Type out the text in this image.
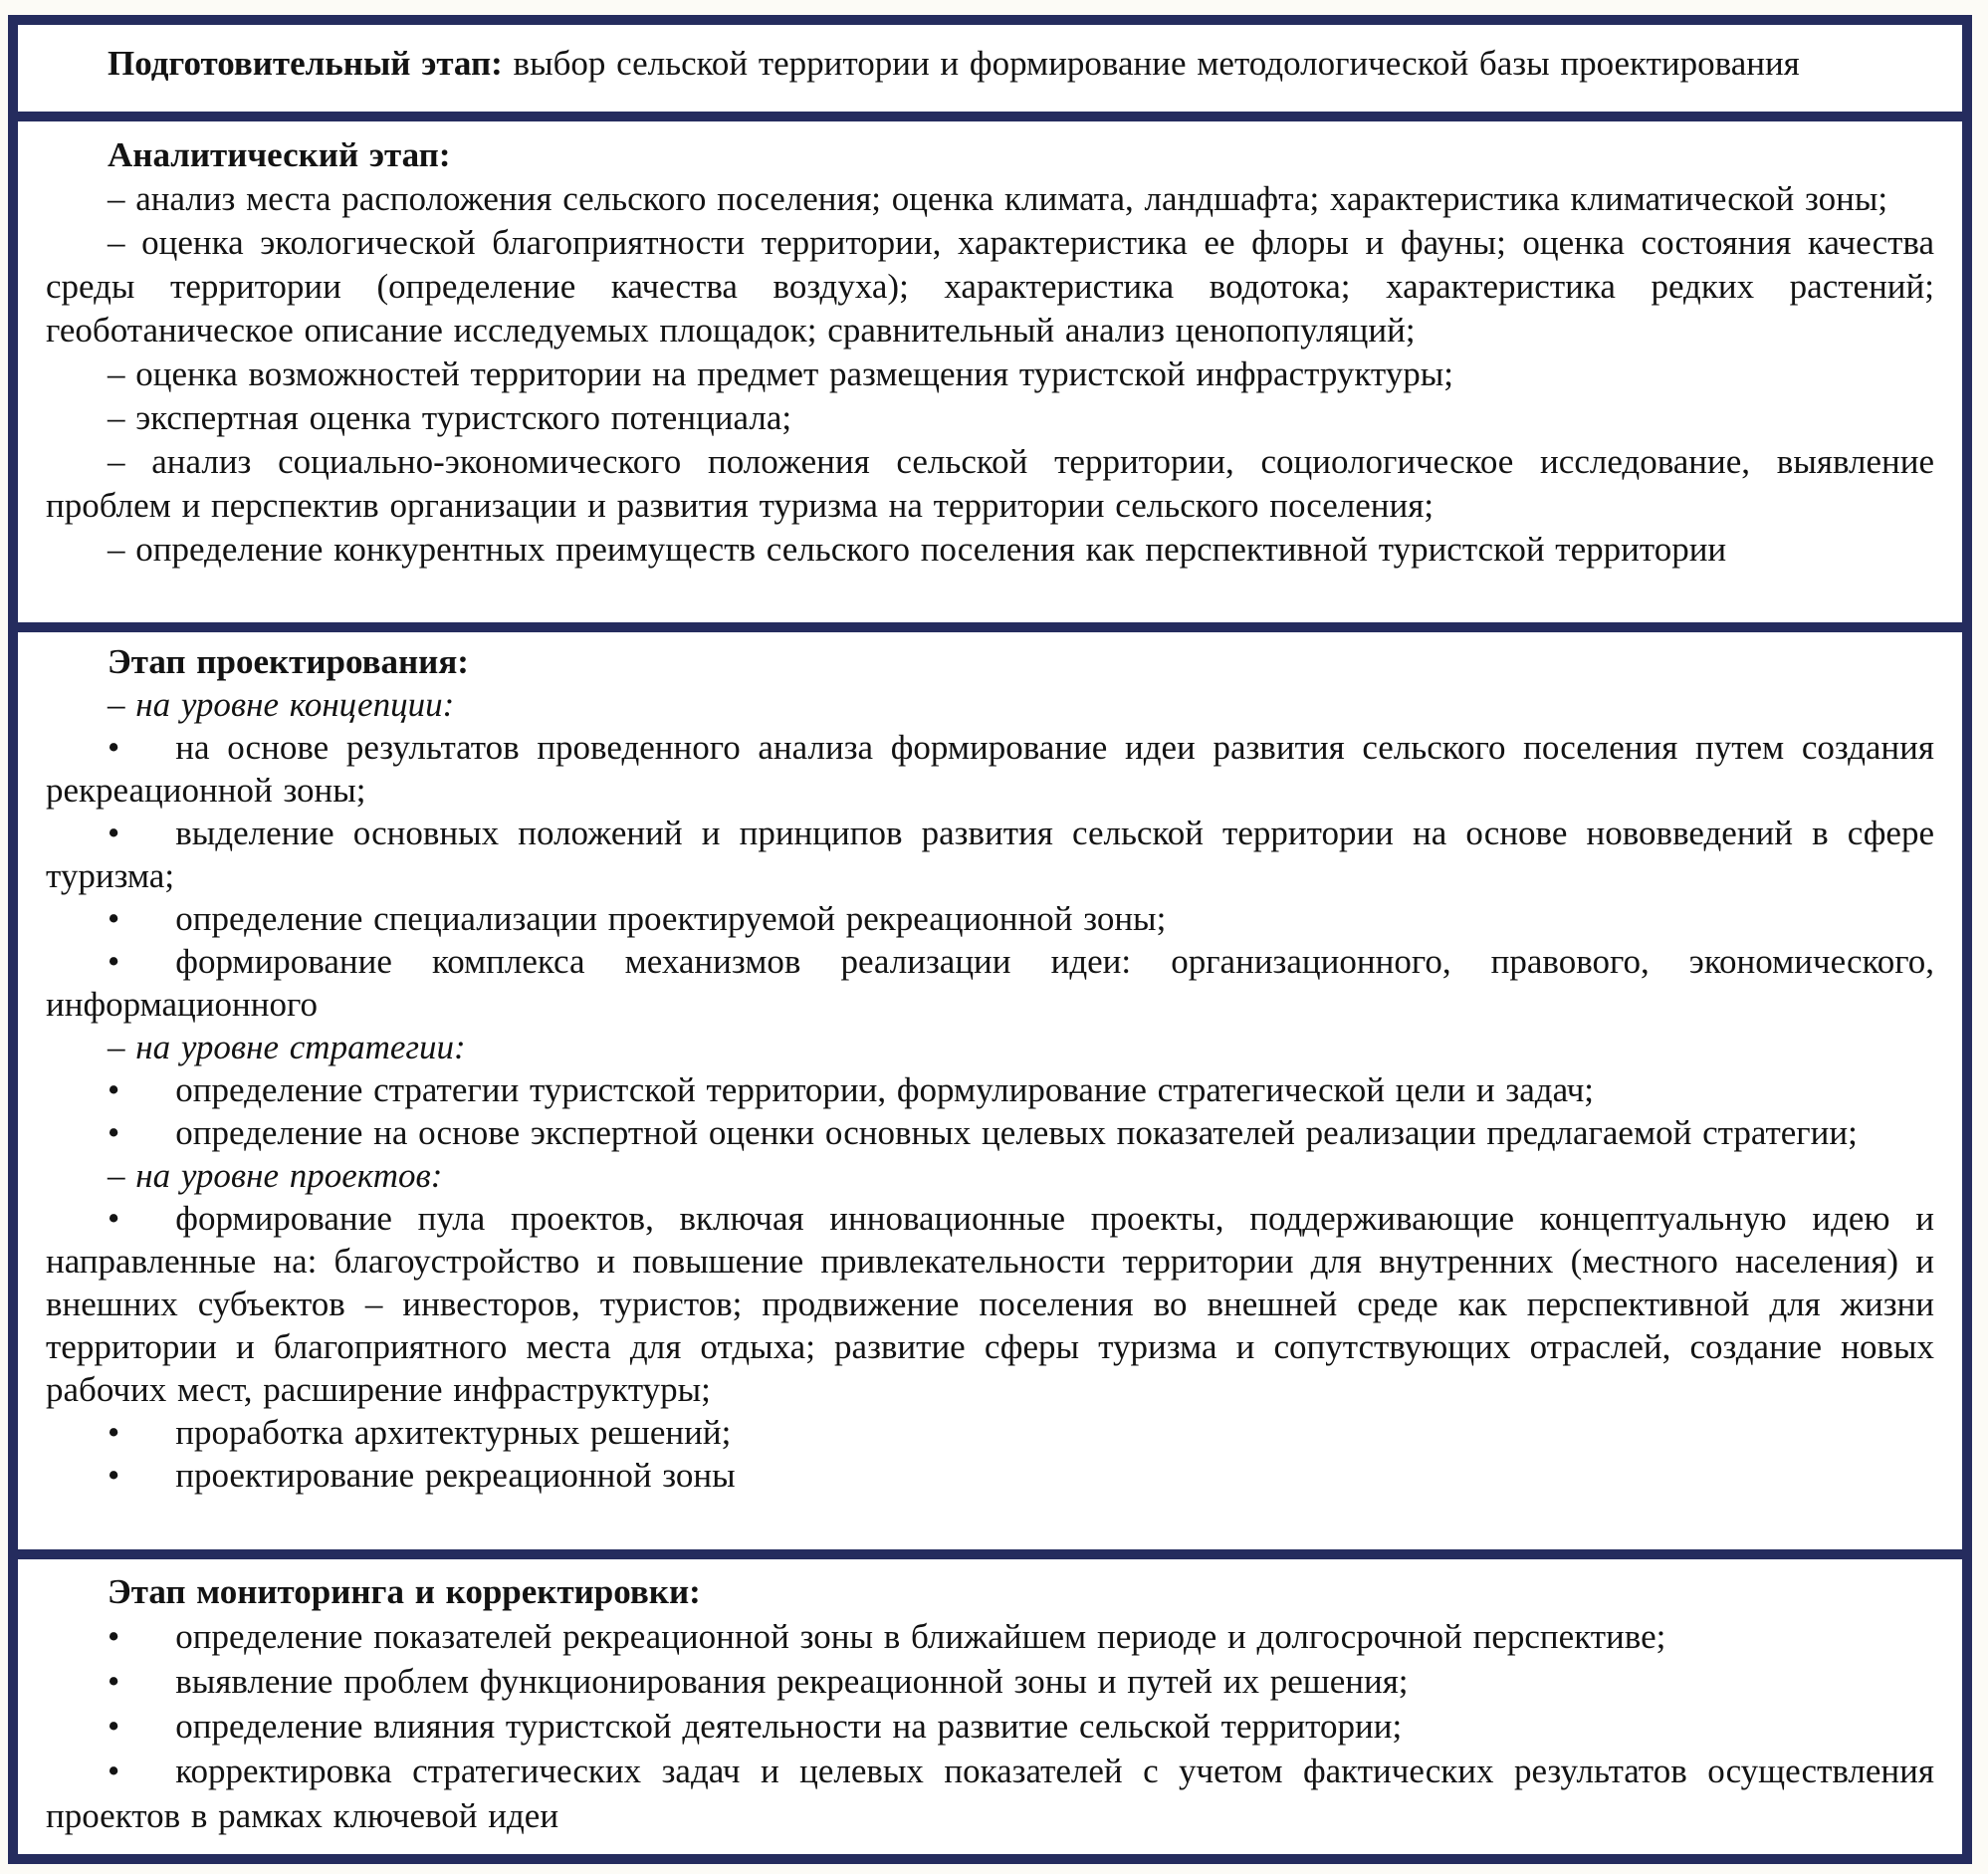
Подготовительный этап: выбор сельской территории и формирование методологической базы проектирования

Аналитический этап:

– анализ места расположения сельского поселения; оценка климата, ландшафта; характеристика климатической зоны;

– оценка экологической благоприятности территории, характеристика ее флоры и фауны; оценка состояния качества среды территории (определение качества воздуха); характеристика водотока; характеристика редких растений; геоботаническое описание исследуемых площадок; сравнительный анализ ценопопуляций;

– оценка возможностей территории на предмет размещения туристской инфраструктуры;

– экспертная оценка туристского потенциала;

– анализ социально-экономического положения сельской территории, социологическое исследование, выявление проблем и перспектив организации и развития туризма на территории сельского поселения;

– определение конкурентных преимуществ сельского поселения как перспективной туристской территории

Этап проектирования:

– на уровне концепции:

• на основе результатов проведенного анализа формирование идеи развития сельского поселения путем создания рекреационной зоны;

• выделение основных положений и принципов развития сельской территории на основе нововведений в сфере туризма;

• определение специализации проектируемой рекреационной зоны;

• формирование комплекса механизмов реализации идеи: организационного, правового, экономического, информационного

– на уровне стратегии:

• определение стратегии туристской территории, формулирование стратегической цели и задач;

• определение на основе экспертной оценки основных целевых показателей реализации предлагаемой стратегии;

– на уровне проектов:

• формирование пула проектов, включая инновационные проекты, поддерживающие концептуальную идею и направленные на: благоустройство и повышение привлекательности территории для внутренних (местного населения) и внешних субъектов – инвесторов, туристов; продвижение поселения во внешней среде как перспективной для жизни территории и благоприятного места для отдыха; развитие сферы туризма и сопутствующих отраслей, создание новых рабочих мест, расширение инфраструктуры;

• проработка архитектурных решений;

• проектирование рекреационной зоны

Этап мониторинга и корректировки:

• определение показателей рекреационной зоны в ближайшем периоде и долгосрочной перспективе;

• выявление проблем функционирования рекреационной зоны и путей их решения;

• определение влияния туристской деятельности на развитие сельской территории;

• корректировка стратегических задач и целевых показателей с учетом фактических результатов осуществления проектов в рамках ключевой идеи
